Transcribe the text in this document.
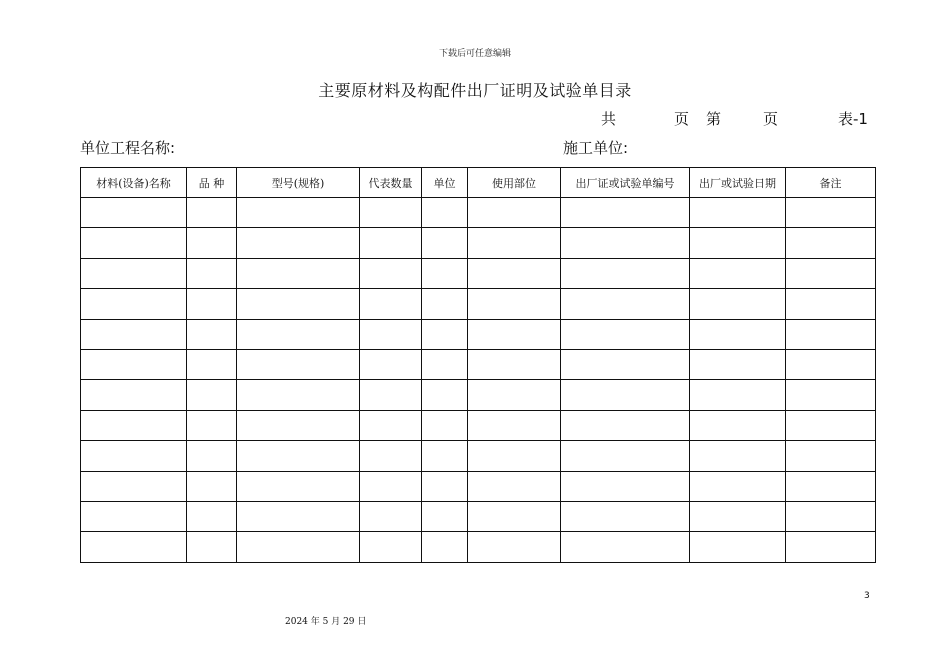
下载后可任意编辑
主要原材料及构配件出厂证明及试验单目录
共	页 第	页	表-1
单位工程名称:	施工单位:
材料(设备)名称	品 种	型号(规格)	代表数量	单位	使用部位	出厂证或试验单编号	出厂或试验日期	备注

3
2024 年 5 月 29 日
